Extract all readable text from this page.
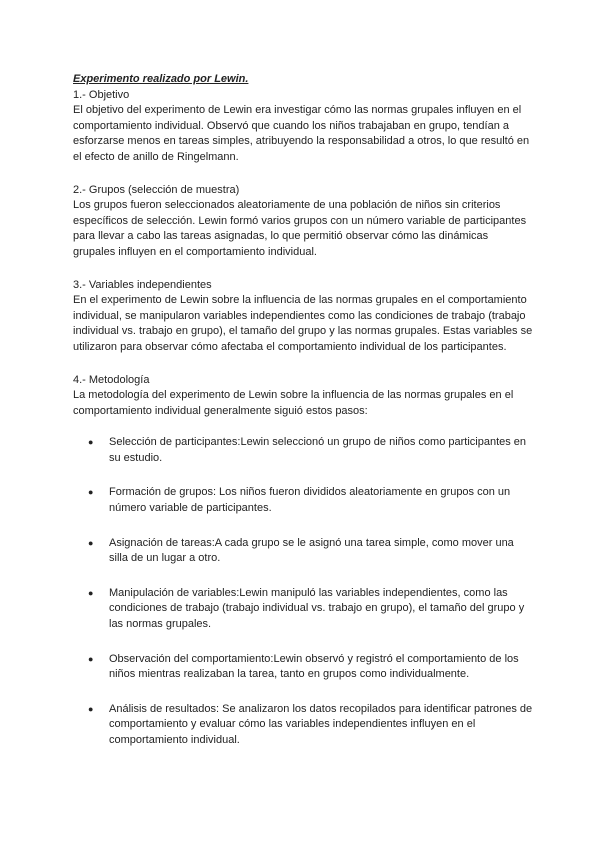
Experimento realizado por Lewin.

1.- Objetivo

El objetivo del experimento de Lewin era investigar cómo las normas grupales influyen en el comportamiento individual. Observó que cuando los niños trabajaban en grupo, tendían a esforzarse menos en tareas simples, atribuyendo la responsabilidad a otros, lo que resultó en el efecto de anillo de Ringelmann.

2.- Grupos (selección de muestra)

Los grupos fueron seleccionados aleatoriamente de una población de niños sin criterios específicos de selección. Lewin formó varios grupos con un número variable de participantes para llevar a cabo las tareas asignadas, lo que permitió observar cómo las dinámicas grupales influyen en el comportamiento individual.

3.- Variables independientes

En el experimento de Lewin sobre la influencia de las normas grupales en el comportamiento individual, se manipularon variables independientes como las condiciones de trabajo (trabajo individual vs. trabajo en grupo), el tamaño del grupo y las normas grupales. Estas variables se utilizaron para observar cómo afectaba el comportamiento individual de los participantes.

4.- Metodología

La metodología del experimento de Lewin sobre la influencia de las normas grupales en el comportamiento individual generalmente siguió estos pasos:

● Selección de participantes:Lewin seleccionó un grupo de niños como participantes en su estudio.
● Formación de grupos: Los niños fueron divididos aleatoriamente en grupos con un número variable de participantes.
● Asignación de tareas:A cada grupo se le asignó una tarea simple, como mover una silla de un lugar a otro.
● Manipulación de variables:Lewin manipuló las variables independientes, como las condiciones de trabajo (trabajo individual vs. trabajo en grupo), el tamaño del grupo y las normas grupales.
● Observación del comportamiento:Lewin observó y registró el comportamiento de los niños mientras realizaban la tarea, tanto en grupos como individualmente.
● Análisis de resultados: Se analizaron los datos recopilados para identificar patrones de comportamiento y evaluar cómo las variables independientes influyen en el comportamiento individual.
